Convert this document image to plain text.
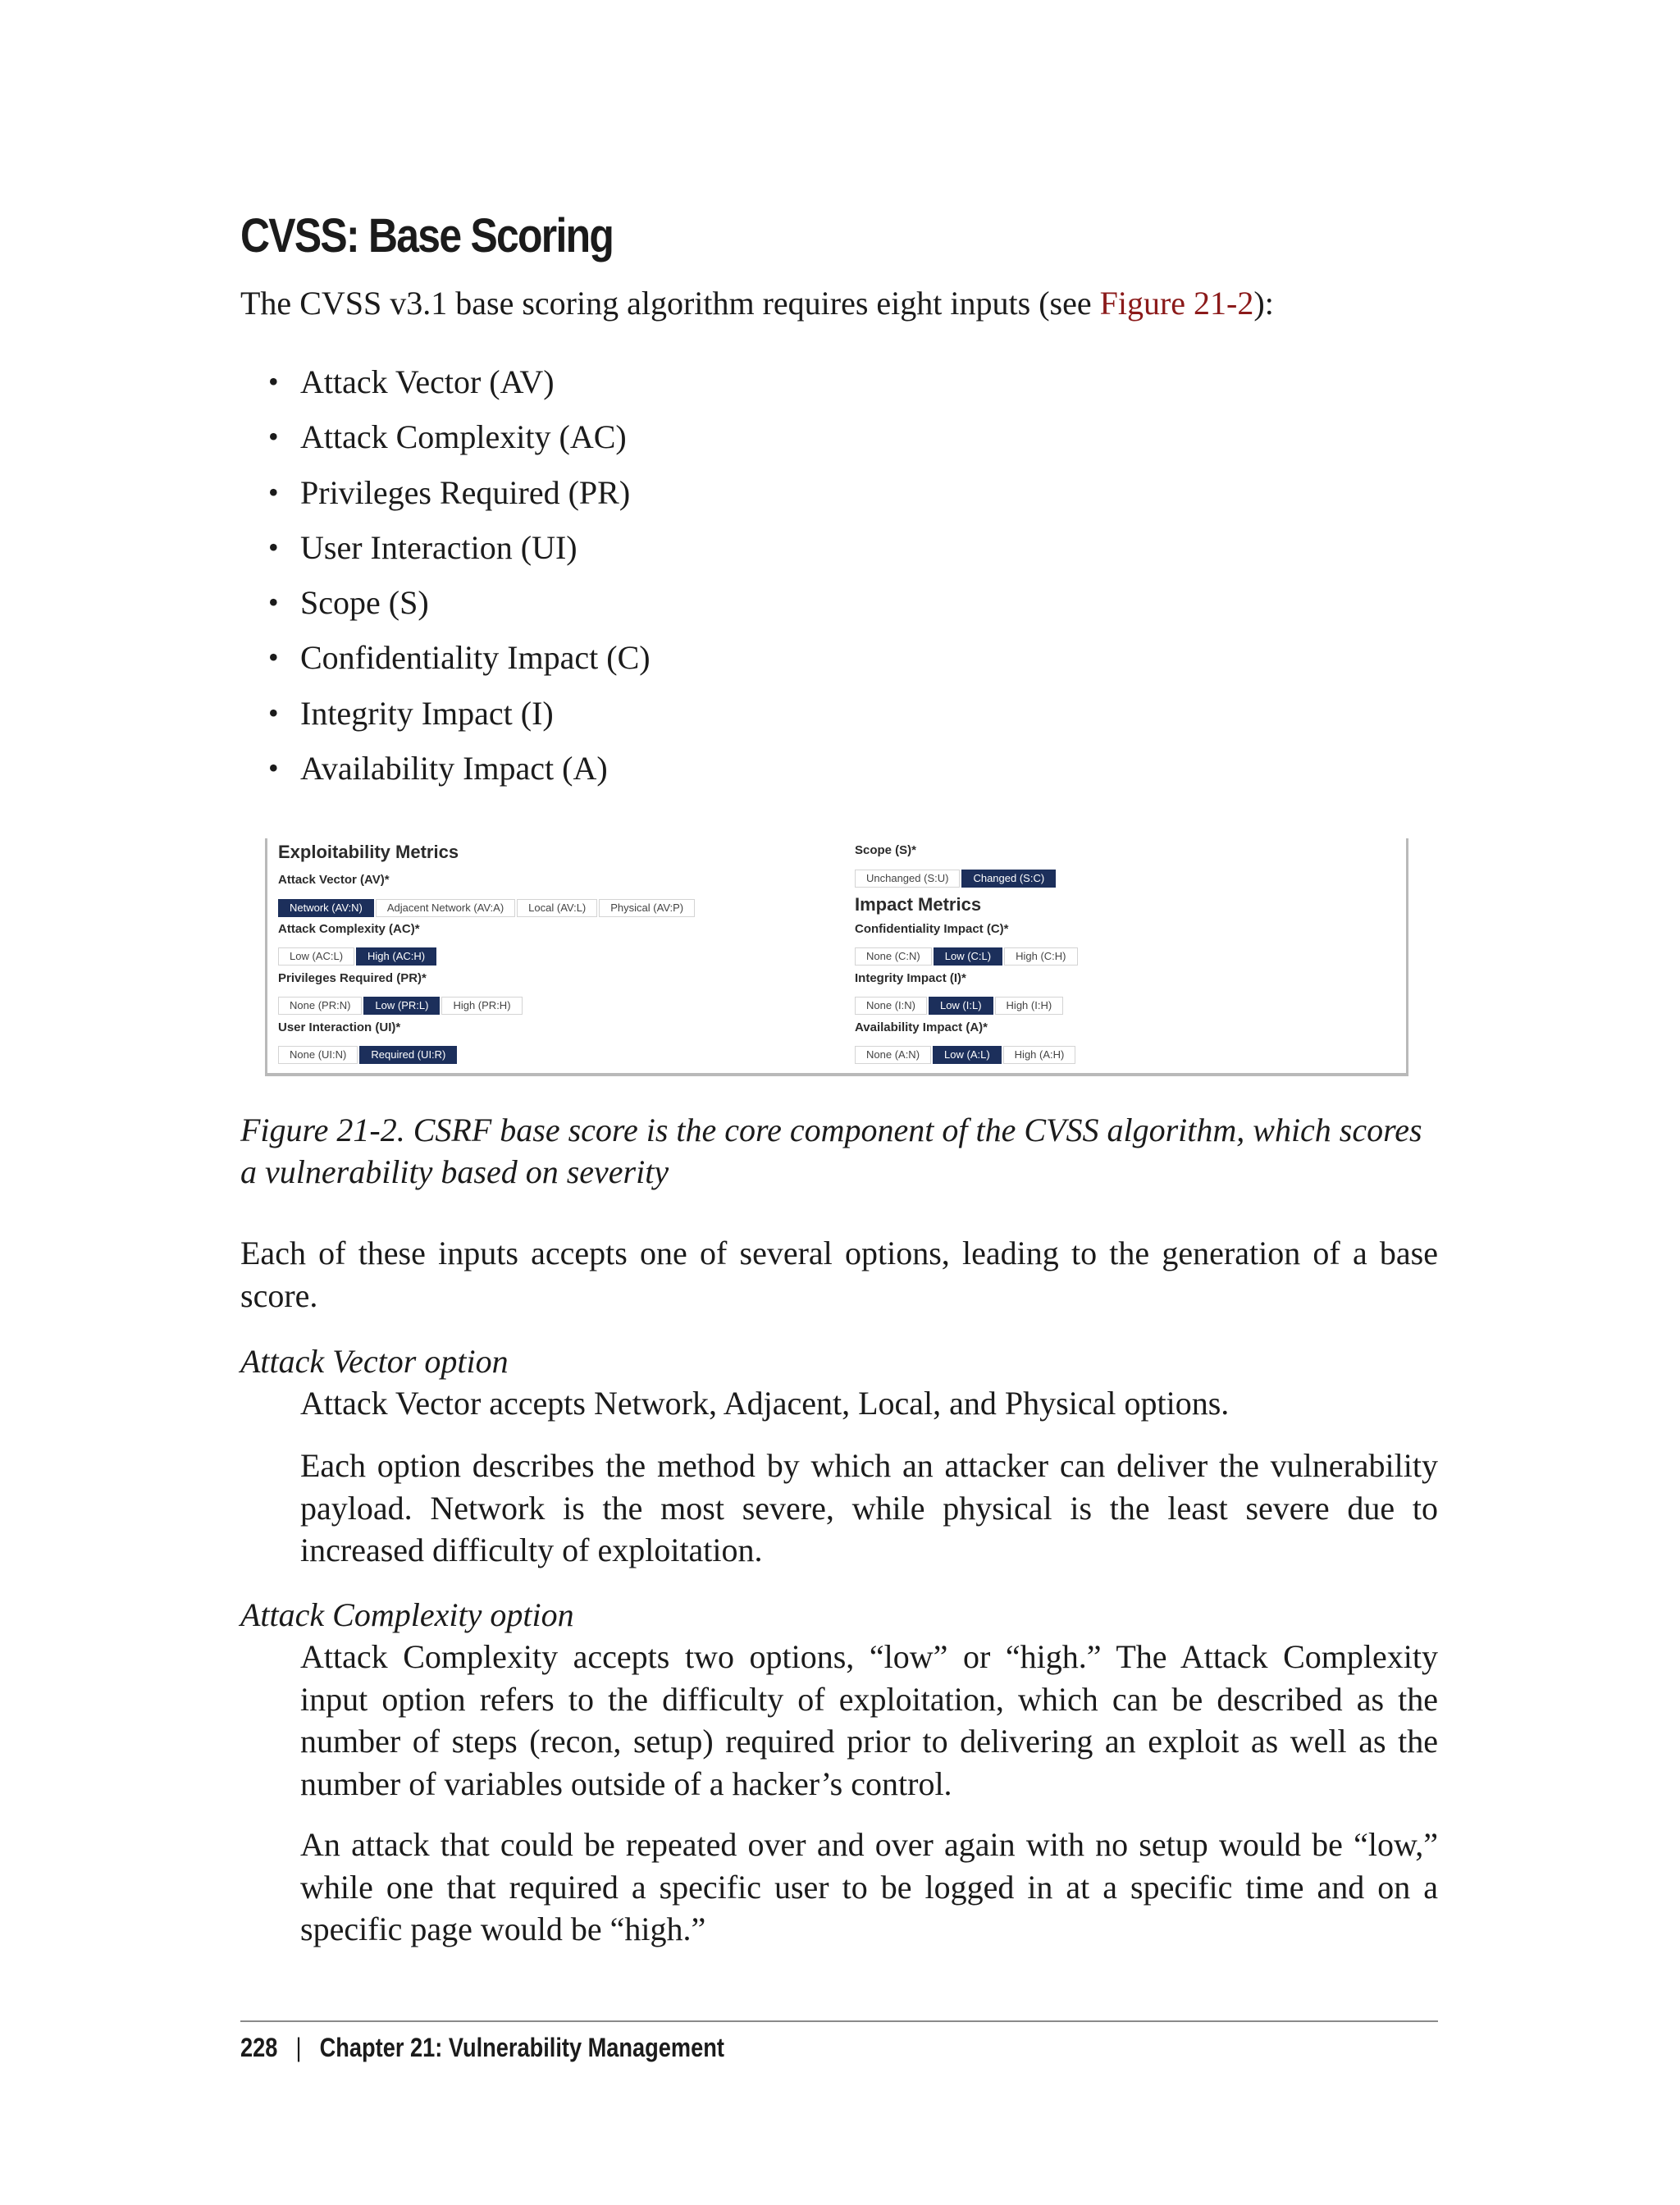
CVSS: Base Scoring

The CVSS v3.1 base scoring algorithm requires eight inputs (see Figure 21-2):

• Attack Vector (AV)
• Attack Complexity (AC)
• Privileges Required (PR)
• User Interaction (UI)
• Scope (S)
• Confidentiality Impact (C)
• Integrity Impact (I)
• Availability Impact (A)
Exploitability Metrics
Attack Vector (AV)*
Network (AV:N)	Adjacent Network (AV:A)	Local (AV:L)	Physical (AV:P)
Attack Complexity (AC)*
Low (AC:L)	High (AC:H)
Privileges Required (PR)*
None (PR:N)	Low (PR:L)	High (PR:H)
User Interaction (UI)*
None (UI:N)	Required (UI:R)
Scope (S)*
Unchanged (S:U)	Changed (S:C)
Impact Metrics
Confidentiality Impact (C)*
None (C:N)	Low (C:L)	High (C:H)
Integrity Impact (I)*
None (I:N)	Low (I:L)	High (I:H)
Availability Impact (A)*
None (A:N)	Low (A:L)	High (A:H)

Figure 21-2. CSRF base score is the core component of the CVSS algorithm, which scores a vulnerability based on severity

Each of these inputs accepts one of several options, leading to the generation of a base score.

Attack Vector option

Attack Vector accepts Network, Adjacent, Local, and Physical options.

Each option describes the method by which an attacker can deliver the vulnerability payload. Network is the most severe, while physical is the least severe due to increased difficulty of exploitation.

Attack Complexity option

Attack Complexity accepts two options, “low” or “high.” The Attack Complexity input option refers to the difficulty of exploitation, which can be described as the number of steps (recon, setup) required prior to delivering an exploit as well as the number of variables outside of a hacker’s control.

An attack that could be repeated over and over again with no setup would be “low,” while one that required a specific user to be logged in at a specific time and on a specific page would be “high.”

228 | Chapter 21: Vulnerability Management
